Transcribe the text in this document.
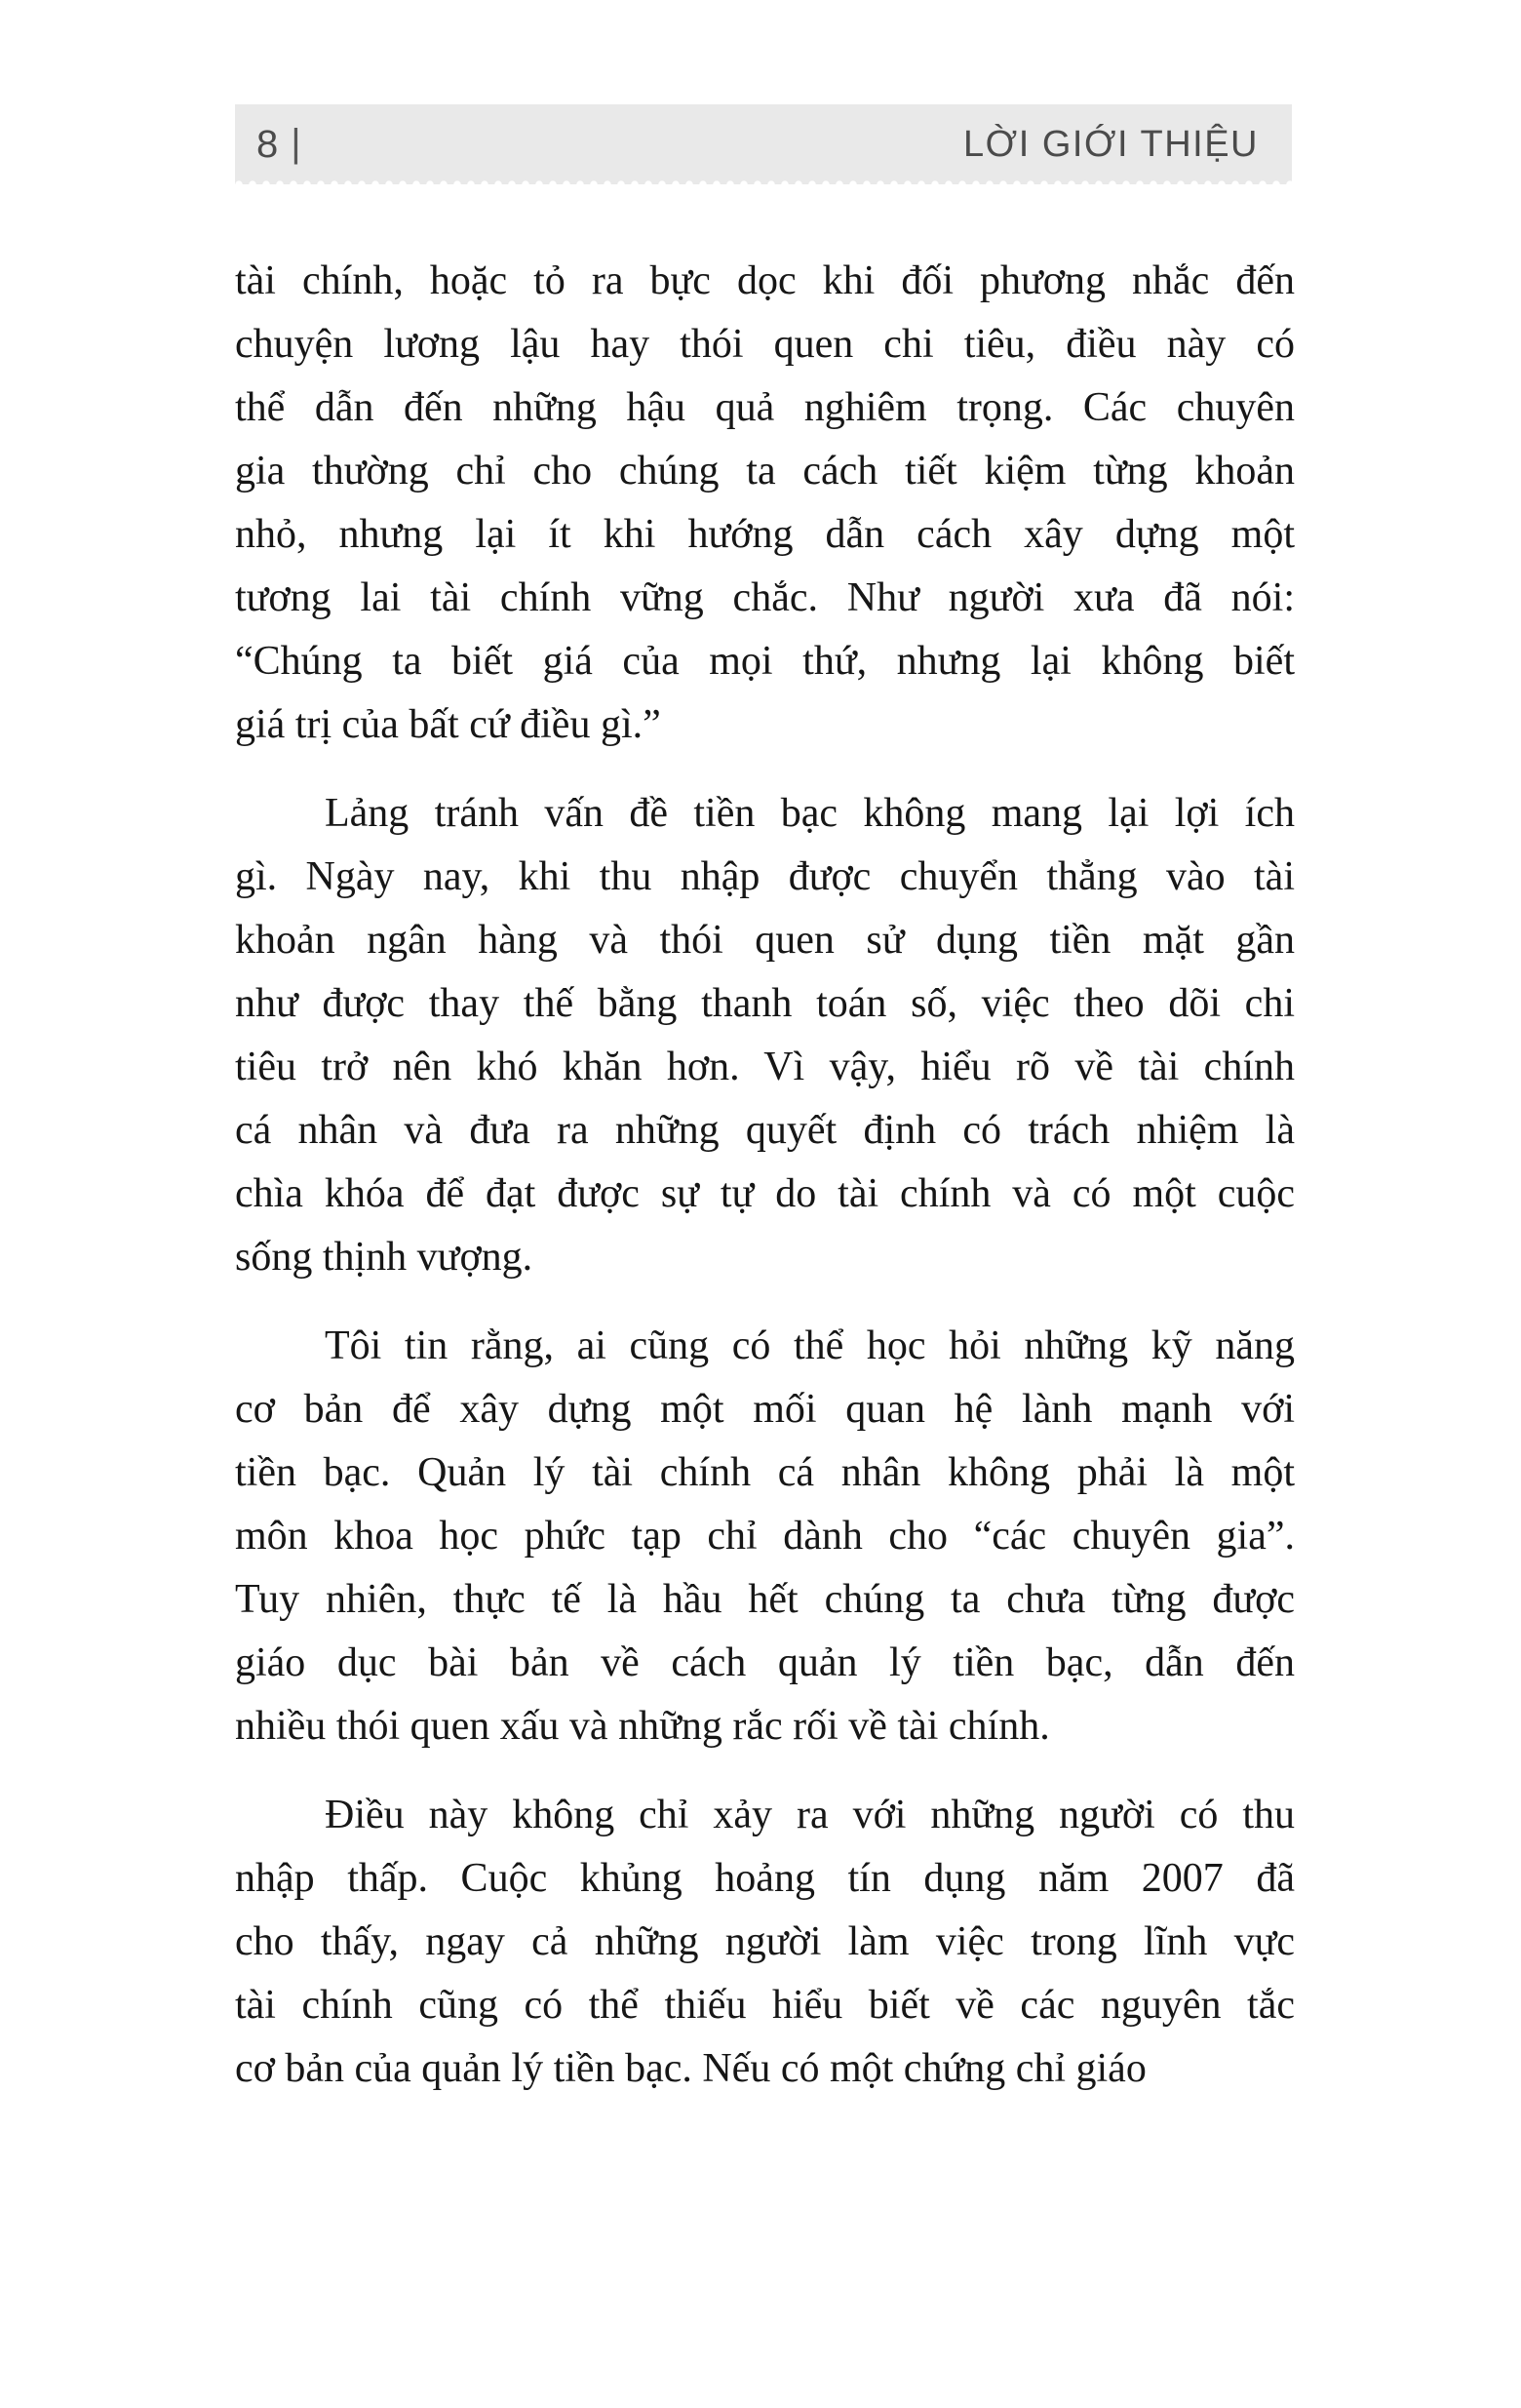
8 |	LỜI GIỚI THIỆU

tài chính, hoặc tỏ ra bực dọc khi đối phương nhắc đến
chuyện lương lậu hay thói quen chi tiêu, điều này có
thể dẫn đến những hậu quả nghiêm trọng. Các chuyên
gia thường chỉ cho chúng ta cách tiết kiệm từng khoản
nhỏ, nhưng lại ít khi hướng dẫn cách xây dựng một
tương lai tài chính vững chắc. Như người xưa đã nói:
“Chúng ta biết giá của mọi thứ, nhưng lại không biết
giá trị của bất cứ điều gì.”

Lảng tránh vấn đề tiền bạc không mang lại lợi ích
gì. Ngày nay, khi thu nhập được chuyển thẳng vào tài
khoản ngân hàng và thói quen sử dụng tiền mặt gần
như được thay thế bằng thanh toán số, việc theo dõi chi
tiêu trở nên khó khăn hơn. Vì vậy, hiểu rõ về tài chính
cá nhân và đưa ra những quyết định có trách nhiệm là
chìa khóa để đạt được sự tự do tài chính và có một cuộc
sống thịnh vượng.

Tôi tin rằng, ai cũng có thể học hỏi những kỹ năng
cơ bản để xây dựng một mối quan hệ lành mạnh với
tiền bạc. Quản lý tài chính cá nhân không phải là một
môn khoa học phức tạp chỉ dành cho “các chuyên gia”.
Tuy nhiên, thực tế là hầu hết chúng ta chưa từng được
giáo dục bài bản về cách quản lý tiền bạc, dẫn đến
nhiều thói quen xấu và những rắc rối về tài chính.

Điều này không chỉ xảy ra với những người có thu
nhập thấp. Cuộc khủng hoảng tín dụng năm 2007 đã
cho thấy, ngay cả những người làm việc trong lĩnh vực
tài chính cũng có thể thiếu hiểu biết về các nguyên tắc
cơ bản của quản lý tiền bạc. Nếu có một chứng chỉ giáo
